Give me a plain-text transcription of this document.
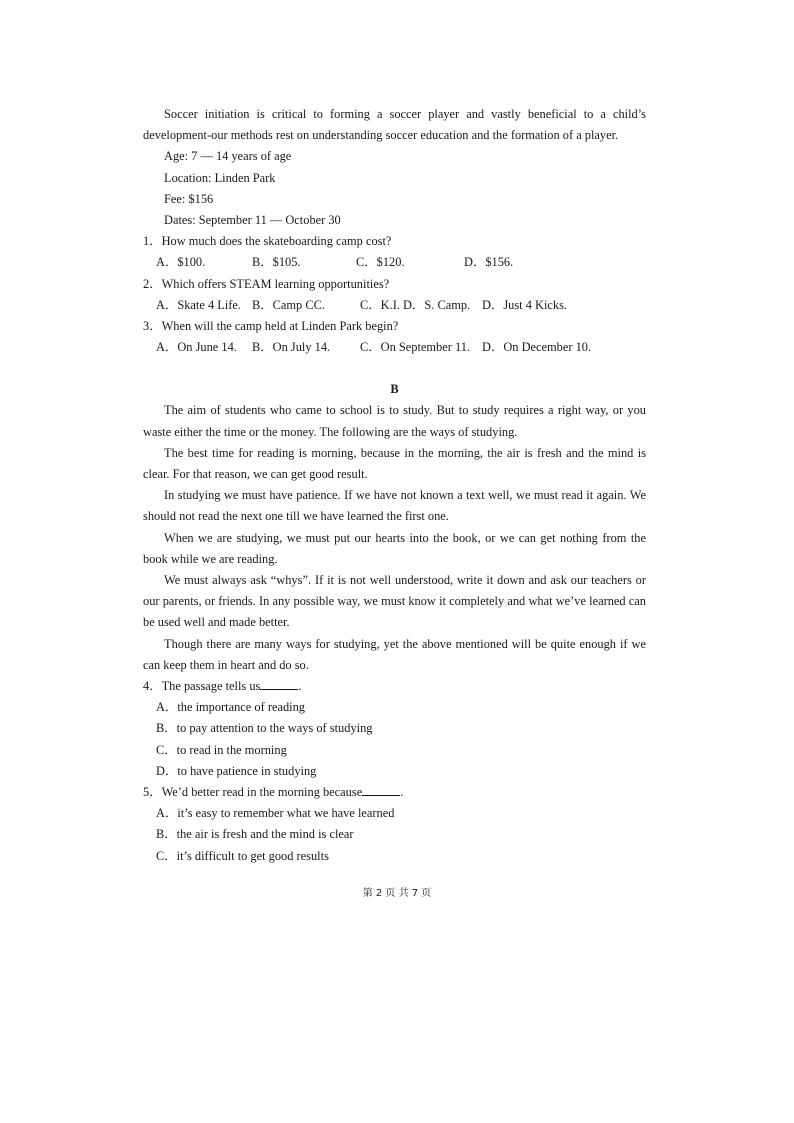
Soccer initiation is critical to forming a soccer player and vastly beneficial to a child’s
development-our methods rest on understanding soccer education and the formation of a player.
Age: 7 — 14 years of age
Location: Linden Park
Fee: $156
Dates: September 11 — October 30
1．How much does the skateboarding camp cost?
A．$100.	B．$105.	C．$120.	D．$156.
2．Which offers STEAM learning opportunities?
A．Skate 4 Life. B．Camp CC.	C．K.I. D．S. Camp. D．Just 4 Kicks.
3．When will the camp held at Linden Park begin?
A．On June 14.	B．On July 14.	C．On September 11. D．On December 10.
B
The aim of students who came to school is to study. But to study requires a right way, or you waste either the time or the money. The following are the ways of studying.
The best time for reading is morning, because in the morning, the air is fresh and the mind is clear. For that reason, we can get good result.
In studying we must have patience. If we have not known a text well, we must read it again. We should not read the next one till we have learned the first one.
When we are studying, we must put our hearts into the book, or we can get nothing from the book while we are reading.
We must always ask “whys”. If it is not well understood, write it down and ask our teachers or our parents, or friends. In any possible way, we must know it completely and what we’ve learned can be used well and made better.
Though there are many ways for studying, yet the above mentioned will be quite enough if we can keep them in heart and do so.
4．The passage tells us	.
A．the importance of reading
B．to pay attention to the ways of studying
C．to read in the morning
D．to have patience in studying
5．We’d better read in the morning because	.
A．it’s easy to remember what we have learned
B．the air is fresh and the mind is clear
C．it’s difficult to get good results
第 2 页 共 7 页
